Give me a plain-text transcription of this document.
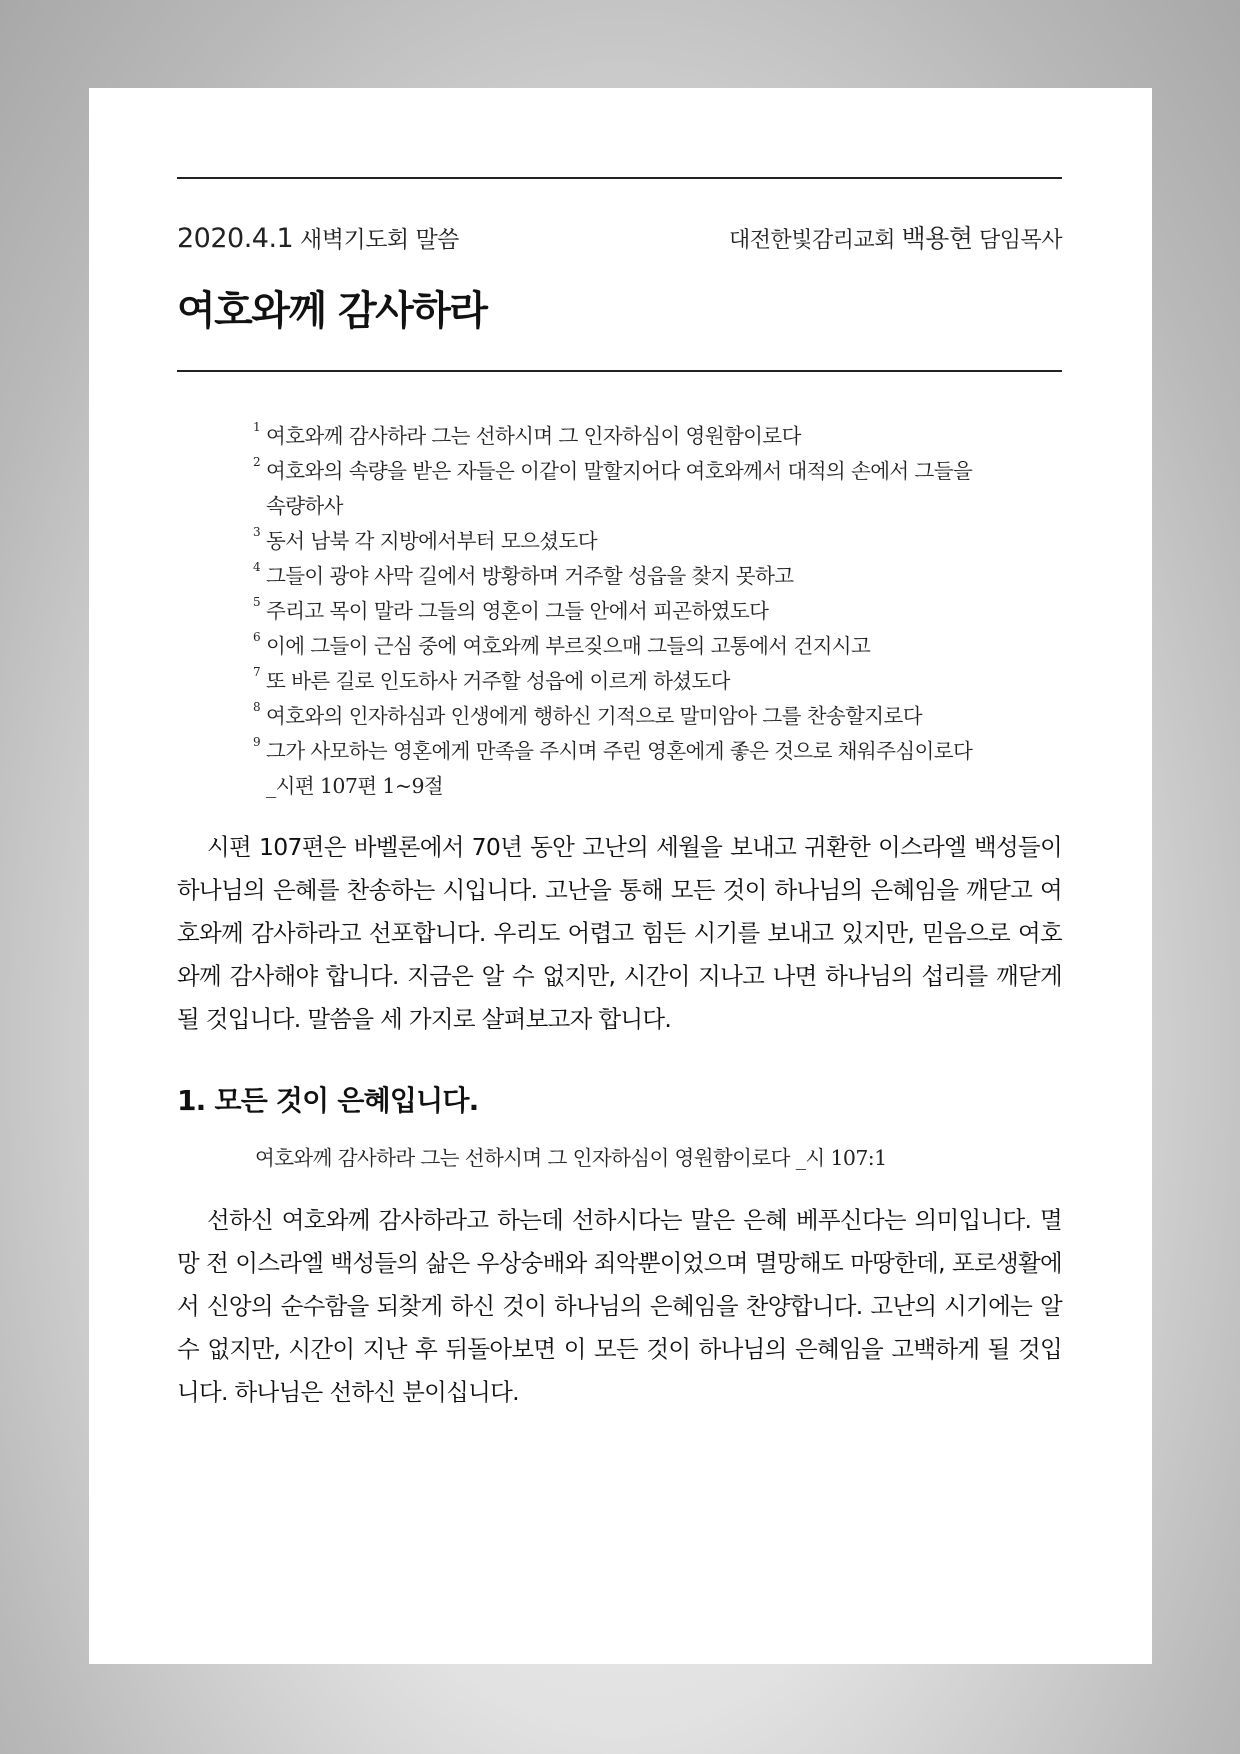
2020.4.1 새벽기도회 말씀	대전한빛감리교회 백용현 담임목사
여호와께 감사하라
1 여호와께 감사하라 그는 선하시며 그 인자하심이 영원함이로다
2 여호와의 속량을 받은 자들은 이같이 말할지어다 여호와께서 대적의 손에서 그들을 속량하사
3 동서 남북 각 지방에서부터 모으셨도다
4 그들이 광야 사막 길에서 방황하며 거주할 성읍을 찾지 못하고
5 주리고 목이 말라 그들의 영혼이 그들 안에서 피곤하였도다
6 이에 그들이 근심 중에 여호와께 부르짖으매 그들의 고통에서 건지시고
7 또 바른 길로 인도하사 거주할 성읍에 이르게 하셨도다
8 여호와의 인자하심과 인생에게 행하신 기적으로 말미암아 그를 찬송할지로다
9 그가 사모하는 영혼에게 만족을 주시며 주린 영혼에게 좋은 것으로 채워주심이로다
_시편 107편 1~9절

시편 107편은 바벨론에서 70년 동안 고난의 세월을 보내고 귀환한 이스라엘 백성들이 하나님의 은혜를 찬송하는 시입니다. 고난을 통해 모든 것이 하나님의 은혜임을 깨닫고 여호와께 감사하라고 선포합니다. 우리도 어렵고 힘든 시기를 보내고 있지만, 믿음으로 여호와께 감사해야 합니다. 지금은 알 수 없지만, 시간이 지나고 나면 하나님의 섭리를 깨닫게 될 것입니다. 말씀을 세 가지로 살펴보고자 합니다.

1. 모든 것이 은혜입니다.
여호와께 감사하라 그는 선하시며 그 인자하심이 영원함이로다 _시 107:1

선하신 여호와께 감사하라고 하는데 선하시다는 말은 은혜 베푸신다는 의미입니다. 멸망 전 이스라엘 백성들의 삶은 우상숭배와 죄악뿐이었으며 멸망해도 마땅한데, 포로생활에서 신앙의 순수함을 되찾게 하신 것이 하나님의 은혜임을 찬양합니다. 고난의 시기에는 알 수 없지만, 시간이 지난 후 뒤돌아보면 이 모든 것이 하나님의 은혜임을 고백하게 될 것입니다. 하나님은 선하신 분이십니다.
